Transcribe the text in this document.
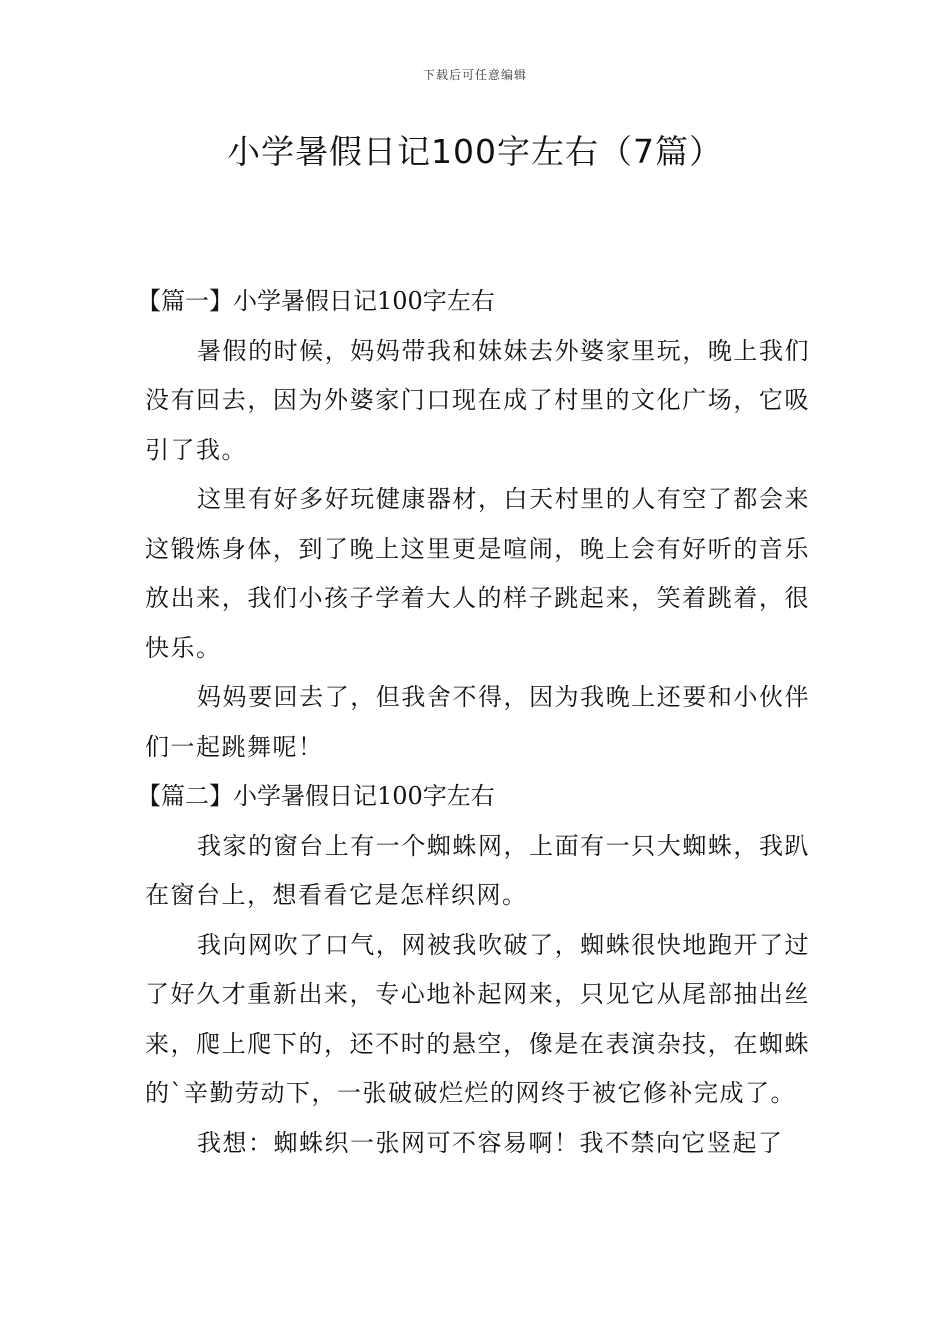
下载后可任意编辑
小学暑假日记100字左右（7篇）
【篇一】小学暑假日记100字左右

暑假的时候，妈妈带我和妹妹去外婆家里玩，晚上我们没有回去，因为外婆家门口现在成了村里的文化广场，它吸引了我。

这里有好多好玩健康器材，白天村里的人有空了都会来这锻炼身体，到了晚上这里更是喧闹，晚上会有好听的音乐放出来，我们小孩子学着大人的样子跳起来，笑着跳着，很快乐。

妈妈要回去了，但我舍不得，因为我晚上还要和小伙伴们一起跳舞呢！

【篇二】小学暑假日记100字左右

我家的窗台上有一个蜘蛛网，上面有一只大蜘蛛，我趴在窗台上，想看看它是怎样织网。

我向网吹了口气，网被我吹破了，蜘蛛很快地跑开了过了好久才重新出来，专心地补起网来，只见它从尾部抽出丝来，爬上爬下的，还不时的悬空，像是在表演杂技，在蜘蛛的`辛勤劳动下，一张破破烂烂的网终于被它修补完成了。

我想：蜘蛛织一张网可不容易啊！我不禁向它竖起了
